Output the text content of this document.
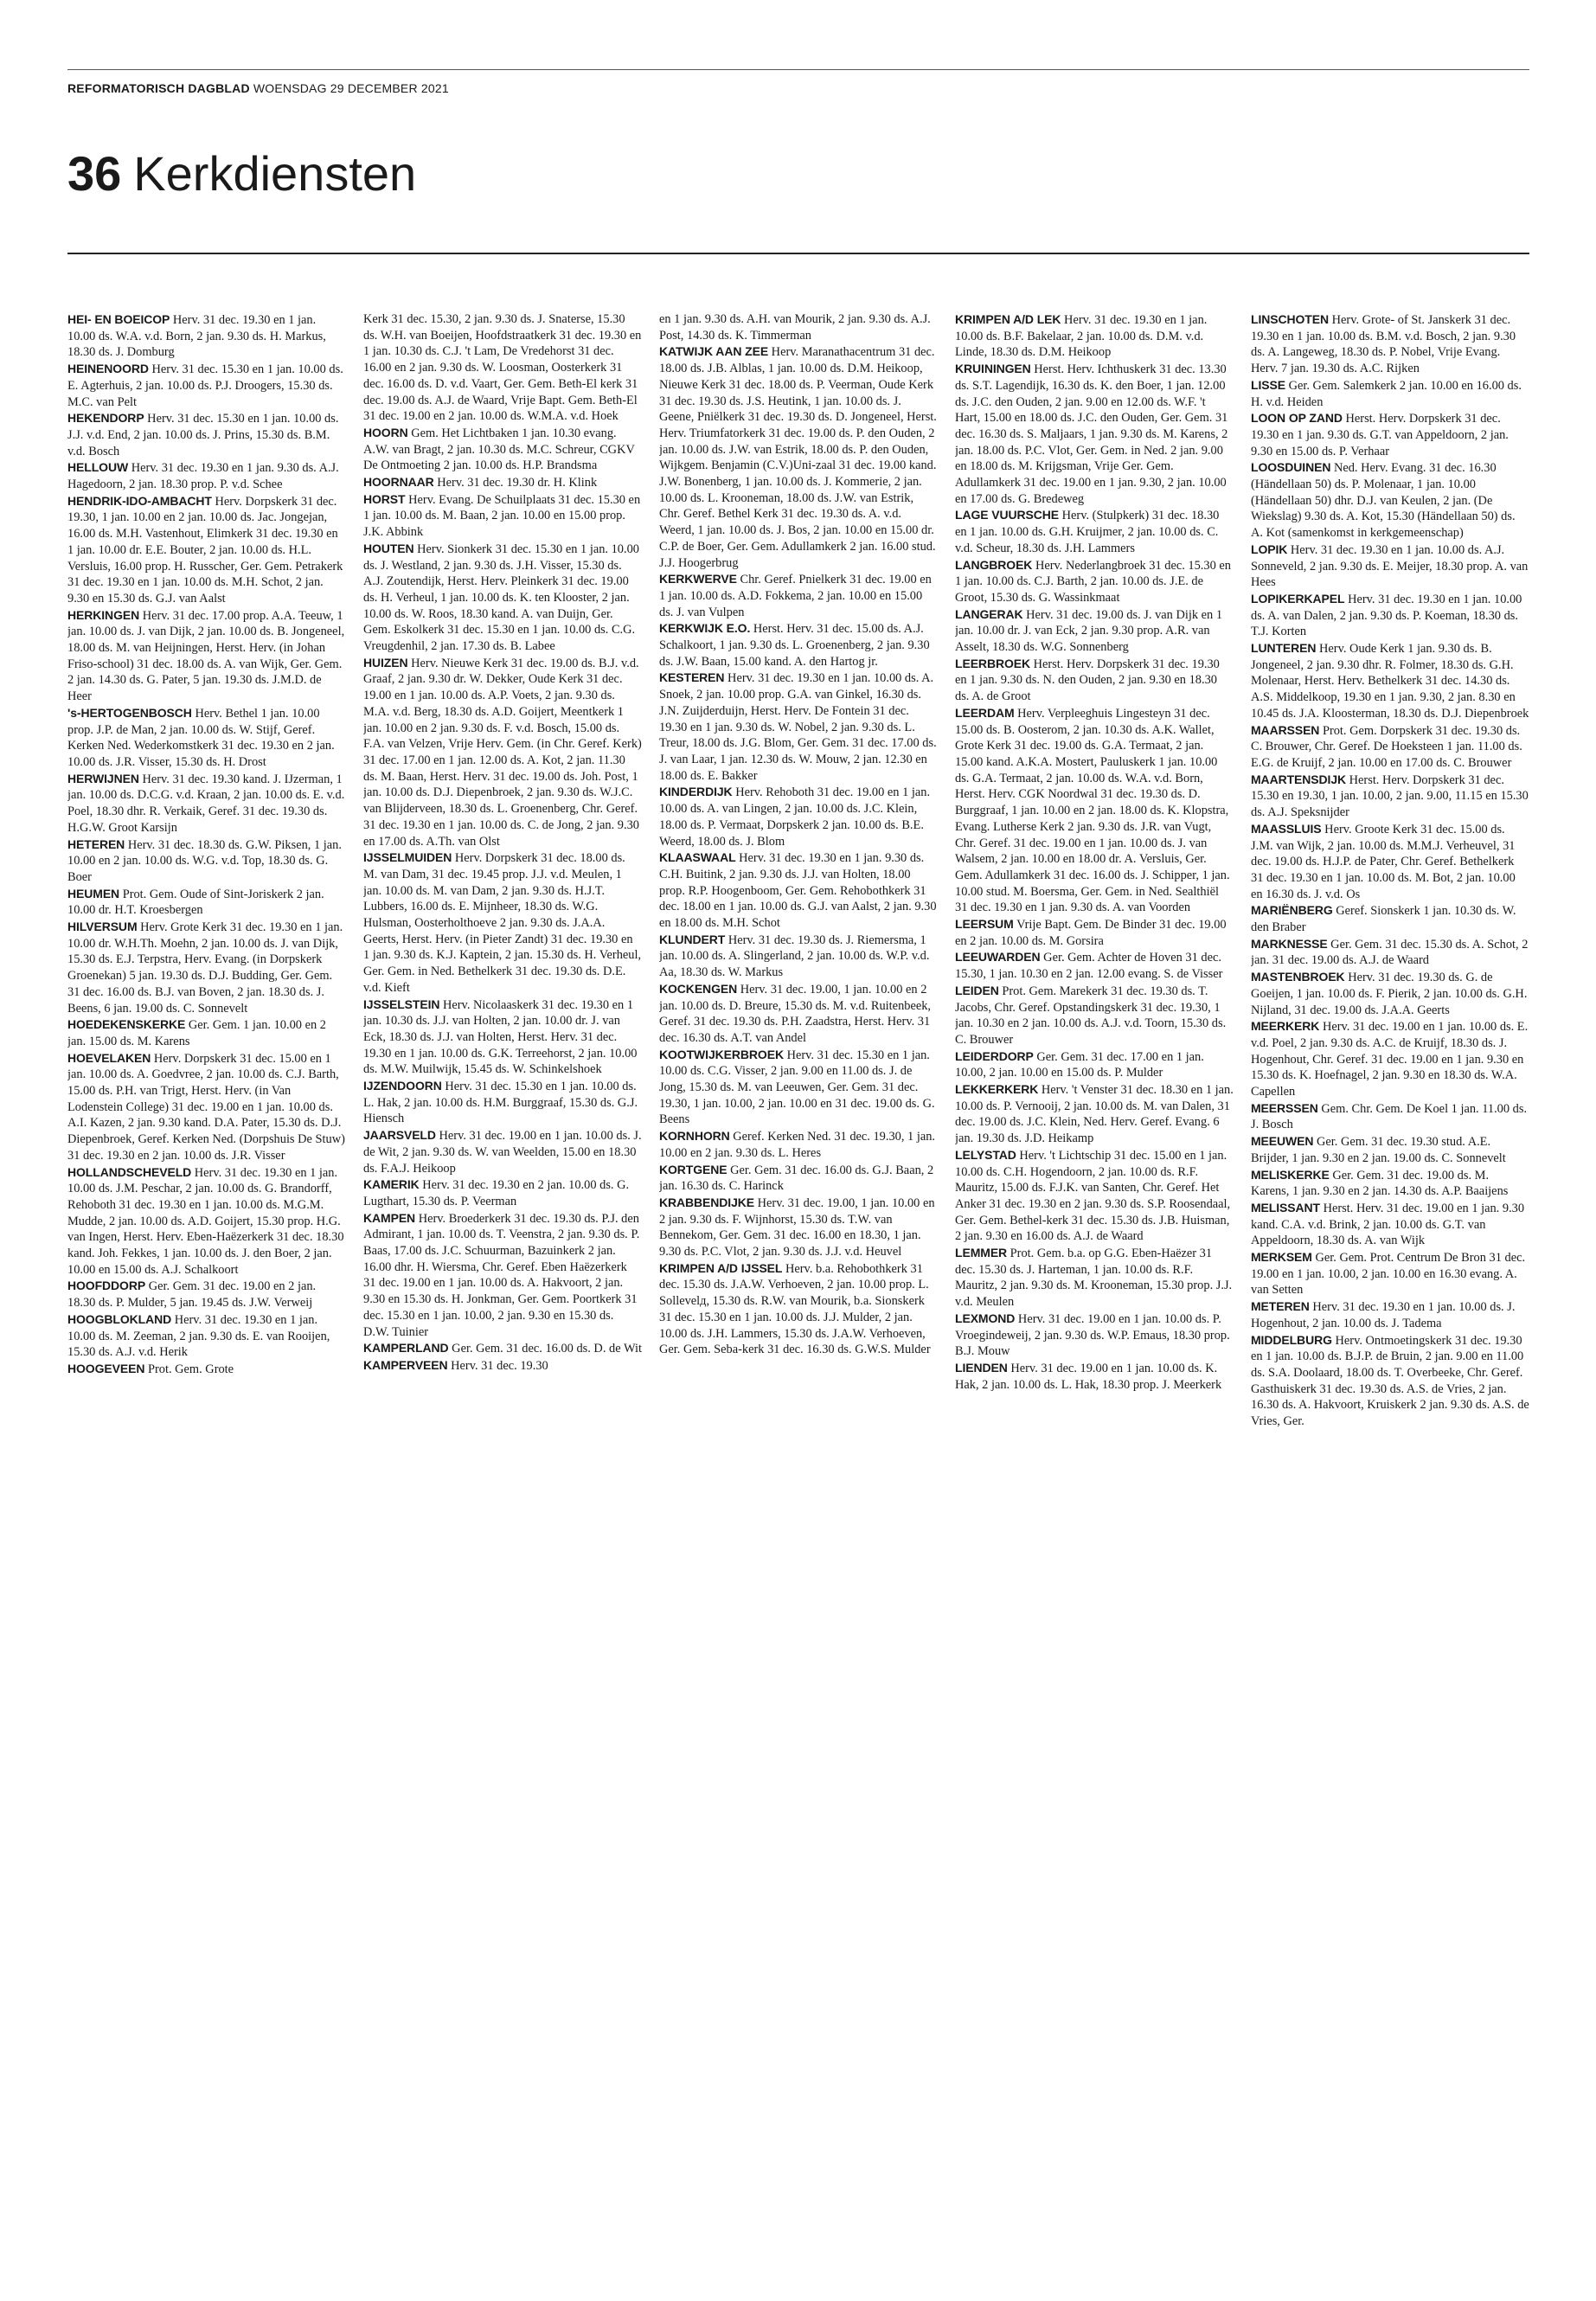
REFORMATORISCH DAGBLAD WOENSDAG 29 DECEMBER 2021
36 Kerkdiensten

HEI- EN BOEICOP Herv. 31 dec. 19.30 en 1 jan. 10.00 ds. W.A. v.d. Born, 2 jan. 9.30 ds. H. Markus, 18.30 ds. J. Domburg

HEINENOORD Herv. 31 dec. 15.30 en 1 jan. 10.00 ds. E. Agterhuis, 2 jan. 10.00 ds. P.J. Droogers, 15.30 ds. M.C. van Pelt

HEKENDORP Herv. 31 dec. 15.30 en 1 jan. 10.00 ds. J.J. v.d. End, 2 jan. 10.00 ds. J. Prins, 15.30 ds. B.M. v.d. Bosch

HELLOUW Herv. 31 dec. 19.30 en 1 jan. 9.30 ds. A.J. Hagedoorn, 2 jan. 18.30 prop. P. v.d. Schee

HENDRIK-IDO-AMBACHT Herv. Dorpskerk 31 dec. 19.30, 1 jan. 10.00 en 2 jan. 10.00 ds. Jac. Jongejan, 16.00 ds. M.H. Vastenhout, Elimkerk 31 dec. 19.30 en 1 jan. 10.00 dr. E.E. Bouter, 2 jan. 10.00 ds. H.L. Versluis, 16.00 prop. H. Russcher, Ger. Gem. Petrakerk 31 dec. 19.30 en 1 jan. 10.00 ds. M.H. Schot, 2 jan. 9.30 en 15.30 ds. G.J. van Aalst

HERKINGEN Herv. 31 dec. 17.00 prop. A.A. Teeuw, 1 jan. 10.00 ds. J. van Dijk, 2 jan. 10.00 ds. B. Jongeneel, 18.00 ds. M. van Heijningen, Herst. Herv. (in Johan Friso-school) 31 dec. 18.00 ds. A. van Wijk, Ger. Gem. 2 jan. 14.30 ds. G. Pater, 5 jan. 19.30 ds. J.M.D. de Heer

's-HERTOGENBOSCH Herv. Bethel 1 jan. 10.00 prop. J.P. de Man, 2 jan. 10.00 ds. W. Stijf, Geref. Kerken Ned. Wederkomstkerk 31 dec. 19.30 en 2 jan. 10.00 ds. J.R. Visser, 15.30 ds. H. Drost

HERWIJNEN Herv. 31 dec. 19.30 kand. J. IJzerman, 1 jan. 10.00 ds. D.C.G. v.d. Kraan, 2 jan. 10.00 ds. E. v.d. Poel, 18.30 dhr. R. Verkaik, Geref. 31 dec. 19.30 ds. H.G.W. Groot Karsijn

HETEREN Herv. 31 dec. 18.30 ds. G.W. Piksen, 1 jan. 10.00 en 2 jan. 10.00 ds. W.G. v.d. Top, 18.30 ds. G. Boer

HEUMEN Prot. Gem. Oude of Sint-Joriskerk 2 jan. 10.00 dr. H.T. Kroesbergen

HILVERSUM Herv. Grote Kerk 31 dec. 19.30 en 1 jan. 10.00 dr. W.H.Th. Moehn, 2 jan. 10.00 ds. J. van Dijk, 15.30 ds. E.J. Terpstra, Herv. Evang. (in Dorpskerk Groenekan) 5 jan. 19.30 ds. D.J. Budding, Ger. Gem. 31 dec. 16.00 ds. B.J. van Boven, 2 jan. 18.30 ds. J. Beens, 6 jan. 19.00 ds. C. Sonnevelt

HOEDEKENSKERKE Ger. Gem. 1 jan. 10.00 en 2 jan. 15.00 ds. M. Karens

HOEVELAKEN Herv. Dorpskerk 31 dec. 15.00 en 1 jan. 10.00 ds. A. Goedvree, 2 jan. 10.00 ds. C.J. Barth, 15.00 ds. P.H. van Trigt, Herst. Herv. (in Van Lodenstein College) 31 dec. 19.00 en 1 jan. 10.00 ds. A.I. Kazen, 2 jan. 9.30 kand. D.A. Pater, 15.30 ds. D.J. Diepenbroek, Geref. Kerken Ned. (Dorpshuis De Stuw) 31 dec. 19.30 en 2 jan. 10.00 ds. J.R. Visser

HOLLANDSCHEVELD Herv. 31 dec. 19.30 en 1 jan. 10.00 ds. J.M. Peschar, 2 jan. 10.00 ds. G. Brandorff, Rehoboth 31 dec. 19.30 en 1 jan. 10.00 ds. M.G.M. Mudde, 2 jan. 10.00 ds. A.D. Goijert, 15.30 prop. H.G. van Ingen, Herst. Herv. Eben-Haëzerkerk 31 dec. 18.30 kand. Joh. Fekkes, 1 jan. 10.00 ds. J. den Boer, 2 jan. 10.00 en 15.00 ds. A.J. Schalkoort

HOOFDDORP Ger. Gem. 31 dec. 19.00 en 2 jan. 18.30 ds. P. Mulder, 5 jan. 19.45 ds. J.W. Verweij

HOOGBLOKLAND Herv. 31 dec. 19.30 en 1 jan. 10.00 ds. M. Zeeman, 2 jan. 9.30 ds. E. van Rooijen, 15.30 ds. A.J. v.d. Herik

HOOGEVEEN Prot. Gem. Grote

Kerk 31 dec. 15.30, 2 jan. 9.30 ds. J. Snaterse, 15.30 ds. W.H. van Boeijen, Hoofdstraatkerk 31 dec. 19.30 en 1 jan. 10.30 ds. C.J. 't Lam, De Vredehorst 31 dec. 16.00 en 2 jan. 9.30 ds. W. Loosman, Oosterkerk 31 dec. 16.00 ds. D. v.d. Vaart, Ger. Gem. Beth-El kerk 31 dec. 19.00 ds. A.J. de Waard, Vrije Bapt. Gem. Beth-El 31 dec. 19.00 en 2 jan. 10.00 ds. W.M.A. v.d. Hoek

HOORN Gem. Het Lichtbaken 1 jan. 10.30 evang. A.W. van Bragt, 2 jan. 10.30 ds. M.C. Schreur, CGKV De Ontmoeting 2 jan. 10.00 ds. H.P. Brandsma

HOORNAAR Herv. 31 dec. 19.30 dr. H. Klink

HORST Herv. Evang. De Schuilplaats 31 dec. 15.30 en 1 jan. 10.00 ds. M. Baan, 2 jan. 10.00 en 15.00 prop. J.K. Abbink

HOUTEN Herv. Sionkerk 31 dec. 15.30 en 1 jan. 10.00 ds. J. Westland, 2 jan. 9.30 ds. J.H. Visser, 15.30 ds. A.J. Zoutendijk, Herst. Herv. Pleinkerk 31 dec. 19.00 ds. H. Verheul, 1 jan. 10.00 ds. K. ten Klooster, 2 jan. 10.00 ds. W. Roos, 18.30 kand. A. van Duijn, Ger. Gem. Eskolkerk 31 dec. 15.30 en 1 jan. 10.00 ds. C.G. Vreugdenhil, 2 jan. 17.30 ds. B. Labee

HUIZEN Herv. Nieuwe Kerk 31 dec. 19.00 ds. B.J. v.d. Graaf, 2 jan. 9.30 dr. W. Dekker, Oude Kerk 31 dec. 19.00 en 1 jan. 10.00 ds. A.P. Voets, 2 jan. 9.30 ds. M.A. v.d. Berg, 18.30 ds. A.D. Goijert, Meentkerk 1 jan. 10.00 en 2 jan. 9.30 ds. F. v.d. Bosch, 15.00 ds. F.A. van Velzen, Vrije Herv. Gem. (in Chr. Geref. Kerk) 31 dec. 17.00 en 1 jan. 12.00 ds. A. Kot, 2 jan. 11.30 ds. M. Baan, Herst. Herv. 31 dec. 19.00 ds. Joh. Post, 1 jan. 10.00 ds. D.J. Diepenbroek, 2 jan. 9.30 ds. W.J.C. van Blijderveen, 18.30 ds. L. Groenenberg, Chr. Geref. 31 dec. 19.30 en 1 jan. 10.00 ds. C. de Jong, 2 jan. 9.30 en 17.00 ds. A.Th. van Olst

IJSSELMUIDEN Herv. Dorpskerk 31 dec. 18.00 ds. M. van Dam, 31 dec. 19.45 prop. J.J. v.d. Meulen, 1 jan. 10.00 ds. M. van Dam, 2 jan. 9.30 ds. H.J.T. Lubbers, 16.00 ds. E. Mijnheer, 18.30 ds. W.G. Hulsman, Oosterholthoeve 2 jan. 9.30 ds. J.A.A. Geerts, Herst. Herv. (in Pieter Zandt) 31 dec. 19.30 en 1 jan. 9.30 ds. K.J. Kaptein, 2 jan. 15.30 ds. H. Verheul, Ger. Gem. in Ned. Bethelkerk 31 dec. 19.30 ds. D.E. v.d. Kieft

IJSSELSTEIN Herv. Nicolaaskerk 31 dec. 19.30 en 1 jan. 10.30 ds. J.J. van Holten, 2 jan. 10.00 dr. J. van Eck, 18.30 ds. J.J. van Holten, Herst. Herv. 31 dec. 19.30 en 1 jan. 10.00 ds. G.K. Terreehorst, 2 jan. 10.00 ds. M.W. Muilwijk, 15.45 ds. W. Schinkelshoek

IJZENDOORN Herv. 31 dec. 15.30 en 1 jan. 10.00 ds. L. Hak, 2 jan. 10.00 ds. H.M. Burggraaf, 15.30 ds. G.J. Hiensch

JAARSVELD Herv. 31 dec. 19.00 en 1 jan. 10.00 ds. J. de Wit, 2 jan. 9.30 ds. W. van Weelden, 15.00 en 18.30 ds. F.A.J. Heikoop

KAMERIK Herv. 31 dec. 19.30 en 2 jan. 10.00 ds. G. Lugthart, 15.30 ds. P. Veerman

KAMPEN Herv. Broederkerk 31 dec. 19.30 ds. P.J. den Admirant, 1 jan. 10.00 ds. T. Veenstra, 2 jan. 9.30 ds. P. Baas, 17.00 ds. J.C. Schuurman, Bazuinkerk 2 jan. 16.00 dhr. H. Wiersma, Chr. Geref. Eben Haëzerkerk 31 dec. 19.00 en 1 jan. 10.00 ds. A. Hakvoort, 2 jan. 9.30 en 15.30 ds. H. Jonkman, Ger. Gem. Poortkerk 31 dec. 15.30 en 1 jan. 10.00, 2 jan. 9.30 en 15.30 ds. D.W. Tuinier

KAMPERLAND Ger. Gem. 31 dec. 16.00 ds. D. de Wit

KAMPERVEEN Herv. 31 dec. 19.30

en 1 jan. 9.30 ds. A.H. van Mourik, 2 jan. 9.30 ds. A.J. Post, 14.30 ds. K. Timmerman

KATWIJK AAN ZEE Herv. Maranathacentrum 31 dec. 18.00 ds. J.B. Alblas, 1 jan. 10.00 ds. D.M. Heikoop, Nieuwe Kerk 31 dec. 18.00 ds. P. Veerman, Oude Kerk 31 dec. 19.30 ds. J.S. Heutink, 1 jan. 10.00 ds. J. Geene, Pniëlkerk 31 dec. 19.30 ds. D. Jongeneel, Herst. Herv. Triumfatorkerk 31 dec. 19.00 ds. P. den Ouden, 2 jan. 10.00 ds. J.W. van Estrik, 18.00 ds. P. den Ouden, Wijkgem. Benjamin (C.V.)Uni-zaal 31 dec. 19.00 kand. J.W. Bonenberg, 1 jan. 10.00 ds. J. Kommerie, 2 jan. 10.00 ds. L. Krooneman, 18.00 ds. J.W. van Estrik, Chr. Geref. Bethel Kerk 31 dec. 19.30 ds. A. v.d. Weerd, 1 jan. 10.00 ds. J. Bos, 2 jan. 10.00 en 15.00 dr. C.P. de Boer, Ger. Gem. Adullamkerk 2 jan. 16.00 stud. J.J. Hoogerbrug

KERKWERVE Chr. Geref. Pnielkerk 31 dec. 19.00 en 1 jan. 10.00 ds. A.D. Fokkema, 2 jan. 10.00 en 15.00 ds. J. van Vulpen

KERKWIJK E.O. Herst. Herv. 31 dec. 15.00 ds. A.J. Schalkoort, 1 jan. 9.30 ds. L. Groenenberg, 2 jan. 9.30 ds. J.W. Baan, 15.00 kand. A. den Hartog jr.

KESTEREN Herv. 31 dec. 19.30 en 1 jan. 10.00 ds. A. Snoek, 2 jan. 10.00 prop. G.A. van Ginkel, 16.30 ds. J.N. Zuijderduijn, Herst. Herv. De Fontein 31 dec. 19.30 en 1 jan. 9.30 ds. W. Nobel, 2 jan. 9.30 ds. L. Treur, 18.00 ds. J.G. Blom, Ger. Gem. 31 dec. 17.00 ds. J. van Laar, 1 jan. 12.30 ds. W. Mouw, 2 jan. 12.30 en 18.00 ds. E. Bakker

KINDERDIJK Herv. Rehoboth 31 dec. 19.00 en 1 jan. 10.00 ds. A. van Lingen, 2 jan. 10.00 ds. J.C. Klein, 18.00 ds. P. Vermaat, Dorpskerk 2 jan. 10.00 ds. B.E. Weerd, 18.00 ds. J. Blom

KLAASWAAL Herv. 31 dec. 19.30 en 1 jan. 9.30 ds. C.H. Buitink, 2 jan. 9.30 ds. J.J. van Holten, 18.00 prop. R.P. Hoogenboom, Ger. Gem. Rehobothkerk 31 dec. 18.00 en 1 jan. 10.00 ds. G.J. van Aalst, 2 jan. 9.30 en 18.00 ds. M.H. Schot

KLUNDERT Herv. 31 dec. 19.30 ds. J. Riemersma, 1 jan. 10.00 ds. A. Slingerland, 2 jan. 10.00 ds. W.P. v.d. Aa, 18.30 ds. W. Markus

KOCKENGEN Herv. 31 dec. 19.00, 1 jan. 10.00 en 2 jan. 10.00 ds. D. Breure, 15.30 ds. M. v.d. Ruitenbeek, Geref. 31 dec. 19.30 ds. P.H. Zaadstra, Herst. Herv. 31 dec. 16.30 ds. A.T. van Andel

KOOTWIJKERBROEK Herv. 31 dec. 15.30 en 1 jan. 10.00 ds. C.G. Visser, 2 jan. 9.00 en 11.00 ds. J. de Jong, 15.30 ds. M. van Leeuwen, Ger. Gem. 31 dec. 19.30, 1 jan. 10.00, 2 jan. 10.00 en 31 dec. 19.00 ds. G. Beens

KORNHORN Geref. Kerken Ned. 31 dec. 19.30, 1 jan. 10.00 en 2 jan. 9.30 ds. L. Heres

KORTGENE Ger. Gem. 31 dec. 16.00 ds. G.J. Baan, 2 jan. 16.30 ds. C. Harinck

KRABBENDIJKE Herv. 31 dec. 19.00, 1 jan. 10.00 en 2 jan. 9.30 ds. F. Wijnhorst, 15.30 ds. T.W. van Bennekom, Ger. Gem. 31 dec. 16.00 en 18.30, 1 jan. 9.30 ds. P.C. Vlot, 2 jan. 9.30 ds. J.J. v.d. Heuvel

KRIMPEN A/D IJSSEL Herv. b.a. Rehobothkerk 31 dec. 15.30 ds. J.A.W. Verhoeven, 2 jan. 10.00 prop. L. Sollevelд, 15.30 ds. R.W. van Mourik, b.a. Sionskerk 31 dec. 15.30 en 1 jan. 10.00 ds. J.J. Mulder, 2 jan. 10.00 ds. J.H. Lammers, 15.30 ds. J.A.W. Verhoeven, Ger. Gem. Seba-kerk 31 dec. 16.30 ds. G.W.S. Mulder

KRIMPEN A/D LEK Herv. 31 dec. 19.30 en 1 jan. 10.00 ds. B.F. Bakelaar, 2 jan. 10.00 ds. D.M. v.d. Linde, 18.30 ds. D.M. Heikoop

KRUININGEN Herst. Herv. Ichthuskerk 31 dec. 13.30 ds. S.T. Lagendijk, 16.30 ds. K. den Boer, 1 jan. 12.00 ds. J.C. den Ouden, 2 jan. 9.00 en 12.00 ds. W.F. 't Hart, 15.00 en 18.00 ds. J.C. den Ouden, Ger. Gem. 31 dec. 16.30 ds. S. Maljaars, 1 jan. 9.30 ds. M. Karens, 2 jan. 18.00 ds. P.C. Vlot, Ger. Gem. in Ned. 2 jan. 9.00 en 18.00 ds. M. Krijgsman, Vrije Ger. Gem. Adullamkerk 31 dec. 19.00 en 1 jan. 9.30, 2 jan. 10.00 en 17.00 ds. G. Bredeweg

LAGE VUURSCHE Herv. (Stulpkerk) 31 dec. 18.30 en 1 jan. 10.00 ds. G.H. Kruijmer, 2 jan. 10.00 ds. C. v.d. Scheur, 18.30 ds. J.H. Lammers

LANGBROEK Herv. Nederlangbroek 31 dec. 15.30 en 1 jan. 10.00 ds. C.J. Barth, 2 jan. 10.00 ds. J.E. de Groot, 15.30 ds. G. Wassinkmaat

LANGERAK Herv. 31 dec. 19.00 ds. J. van Dijk en 1 jan. 10.00 dr. J. van Eck, 2 jan. 9.30 prop. A.R. van Asselt, 18.30 ds. W.G. Sonnenberg

LEERBROEK Herst. Herv. Dorpskerk 31 dec. 19.30 en 1 jan. 9.30 ds. N. den Ouden, 2 jan. 9.30 en 18.30 ds. A. de Groot

LEERDAM Herv. Verpleeghuis Lingesteyn 31 dec. 15.00 ds. B. Oosterom, 2 jan. 10.30 ds. A.K. Wallet, Grote Kerk 31 dec. 19.00 ds. G.A. Termaat, 2 jan. 15.00 kand. A.K.A. Mostert, Pauluskerk 1 jan. 10.00 ds. G.A. Termaat, 2 jan. 10.00 ds. W.A. v.d. Born, Herst. Herv. CGK Noordwal 31 dec. 19.30 ds. D. Burggraaf, 1 jan. 10.00 en 2 jan. 18.00 ds. K. Klopstra, Evang. Lutherse Kerk 2 jan. 9.30 ds. J.R. van Vugt, Chr. Geref. 31 dec. 19.00 en 1 jan. 10.00 ds. J. van Walsem, 2 jan. 10.00 en 18.00 dr. A. Versluis, Ger. Gem. Adullamkerk 31 dec. 16.00 ds. J. Schipper, 1 jan. 10.00 stud. M. Boersma, Ger. Gem. in Ned. Sealthiël 31 dec. 19.30 en 1 jan. 9.30 ds. A. van Voorden

LEERSUM Vrije Bapt. Gem. De Binder 31 dec. 19.00 en 2 jan. 10.00 ds. M. Gorsira

LEEUWARDEN Ger. Gem. Achter de Hoven 31 dec. 15.30, 1 jan. 10.30 en 2 jan. 12.00 evang. S. de Visser

LEIDEN Prot. Gem. Marekerk 31 dec. 19.30 ds. T. Jacobs, Chr. Geref. Opstandingskerk 31 dec. 19.30, 1 jan. 10.30 en 2 jan. 10.00 ds. A.J. v.d. Toorn, 15.30 ds. C. Brouwer

LEIDERDORP Ger. Gem. 31 dec. 17.00 en 1 jan. 10.00, 2 jan. 10.00 en 15.00 ds. P. Mulder

LEKKERKERK Herv. 't Venster 31 dec. 18.30 en 1 jan. 10.00 ds. P. Vernooij, 2 jan. 10.00 ds. M. van Dalen, 31 dec. 19.00 ds. J.C. Klein, Ned. Herv. Geref. Evang. 6 jan. 19.30 ds. J.D. Heikamp

LELYSTAD Herv. 't Lichtschip 31 dec. 15.00 en 1 jan. 10.00 ds. C.H. Hogendoorn, 2 jan. 10.00 ds. R.F. Mauritz, 15.00 ds. F.J.K. van Santen, Chr. Geref. Het Anker 31 dec. 19.30 en 2 jan. 9.30 ds. S.P. Roosendaal, Ger. Gem. Bethel-kerk 31 dec. 15.30 ds. J.B. Huisman, 2 jan. 9.30 en 16.00 ds. A.J. de Waard

LEMMER Prot. Gem. b.a. op G.G. Eben-Haëzer 31 dec. 15.30 ds. J. Harteman, 1 jan. 10.00 ds. R.F. Mauritz, 2 jan. 9.30 ds. M. Krooneman, 15.30 prop. J.J. v.d. Meulen

LEXMOND Herv. 31 dec. 19.00 en 1 jan. 10.00 ds. P. Vroegindeweij, 2 jan. 9.30 ds. W.P. Emaus, 18.30 prop. B.J. Mouw

LIENDEN Herv. 31 dec. 19.00 en 1 jan. 10.00 ds. K. Hak, 2 jan. 10.00 ds. L. Hak, 18.30 prop. J. Meerkerk

LINSCHOTEN Herv. Grote- of St. Janskerk 31 dec. 19.30 en 1 jan. 10.00 ds. B.M. v.d. Bosch, 2 jan. 9.30 ds. A. Langeweg, 18.30 ds. P. Nobel, Vrije Evang. Herv. 7 jan. 19.30 ds. A.C. Rijken

LISSE Ger. Gem. Salemkerk 2 jan. 10.00 en 16.00 ds. H. v.d. Heiden

LOON OP ZAND Herst. Herv. Dorpskerk 31 dec. 19.30 en 1 jan. 9.30 ds. G.T. van Appeldoorn, 2 jan. 9.30 en 15.00 ds. P. Verhaar

LOOSDUINEN Ned. Herv. Evang. 31 dec. 16.30 (Händellaan 50) ds. P. Molenaar, 1 jan. 10.00 (Händellaan 50) dhr. D.J. van Keulen, 2 jan. (De Wiekslag) 9.30 ds. A. Kot, 15.30 (Händellaan 50) ds. A. Kot (samenkomst in kerkgemeenschap)

LOPIK Herv. 31 dec. 19.30 en 1 jan. 10.00 ds. A.J. Sonneveld, 2 jan. 9.30 ds. E. Meijer, 18.30 prop. A. van Hees

LOPIKERKAPEL Herv. 31 dec. 19.30 en 1 jan. 10.00 ds. A. van Dalen, 2 jan. 9.30 ds. P. Koeman, 18.30 ds. T.J. Korten

LUNTEREN Herv. Oude Kerk 1 jan. 9.30 ds. B. Jongeneel, 2 jan. 9.30 dhr. R. Folmer, 18.30 ds. G.H. Molenaar, Herst. Herv. Bethelkerk 31 dec. 14.30 ds. A.S. Middelkoop, 19.30 en 1 jan. 9.30, 2 jan. 8.30 en 10.45 ds. J.A. Kloosterman, 18.30 ds. D.J. Diepenbroek

MAARSSEN Prot. Gem. Dorpskerk 31 dec. 19.30 ds. C. Brouwer, Chr. Geref. De Hoeksteen 1 jan. 11.00 ds. E.G. de Kruijf, 2 jan. 10.00 en 17.00 ds. C. Brouwer

MAARTENSDIJK Herst. Herv. Dorpskerk 31 dec. 15.30 en 19.30, 1 jan. 10.00, 2 jan. 9.00, 11.15 en 15.30 ds. A.J. Speksnijder

MAASSLUIS Herv. Groote Kerk 31 dec. 15.00 ds. J.M. van Wijk, 2 jan. 10.00 ds. M.M.J. Verheuvel, 31 dec. 19.00 ds. H.J.P. de Pater, Chr. Geref. Bethelkerk 31 dec. 19.30 en 1 jan. 10.00 ds. M. Bot, 2 jan. 10.00 en 16.30 ds. J. v.d. Os

MARIËNBERG Geref. Sionskerk 1 jan. 10.30 ds. W. den Braber

MARKNESSE Ger. Gem. 31 dec. 15.30 ds. A. Schot, 2 jan. 31 dec. 19.00 ds. A.J. de Waard

MASTENBROEK Herv. 31 dec. 19.30 ds. G. de Goeijen, 1 jan. 10.00 ds. F. Pierik, 2 jan. 10.00 ds. G.H. Nijland, 31 dec. 19.00 ds. J.A.A. Geerts

MEERKERK Herv. 31 dec. 19.00 en 1 jan. 10.00 ds. E. v.d. Poel, 2 jan. 9.30 ds. A.C. de Kruijf, 18.30 ds. J. Hogenhout, Chr. Geref. 31 dec. 19.00 en 1 jan. 9.30 en 15.30 ds. K. Hoefnagel, 2 jan. 9.30 en 18.30 ds. W.A. Capellen

MEERSSEN Gem. Chr. Gem. De Koel 1 jan. 11.00 ds. J. Bosch

MEEUWEN Ger. Gem. 31 dec. 19.30 stud. A.E. Brijder, 1 jan. 9.30 en 2 jan. 19.00 ds. C. Sonnevelt

MELISKERKE Ger. Gem. 31 dec. 19.00 ds. M. Karens, 1 jan. 9.30 en 2 jan. 14.30 ds. A.P. Baaijens

MELISSANT Herst. Herv. 31 dec. 19.00 en 1 jan. 9.30 kand. C.A. v.d. Brink, 2 jan. 10.00 ds. G.T. van Appeldoorn, 18.30 ds. A. van Wijk

MERKSEM Ger. Gem. Prot. Centrum De Bron 31 dec. 19.00 en 1 jan. 10.00, 2 jan. 10.00 en 16.30 evang. A. van Setten

METEREN Herv. 31 dec. 19.30 en 1 jan. 10.00 ds. J. Hogenhout, 2 jan. 10.00 ds. J. Tadema

MIDDELBURG Herv. Ontmoetingskerk 31 dec. 19.30 en 1 jan. 10.00 ds. B.J.P. de Bruin, 2 jan. 9.00 en 11.00 ds. S.A. Doolaard, 18.00 ds. T. Overbeeke, Chr. Geref. Gasthuiskerk 31 dec. 19.30 ds. A.S. de Vries, 2 jan. 16.30 ds. A. Hakvoort, Kruiskerk 2 jan. 9.30 ds. A.S. de Vries, Ger.
